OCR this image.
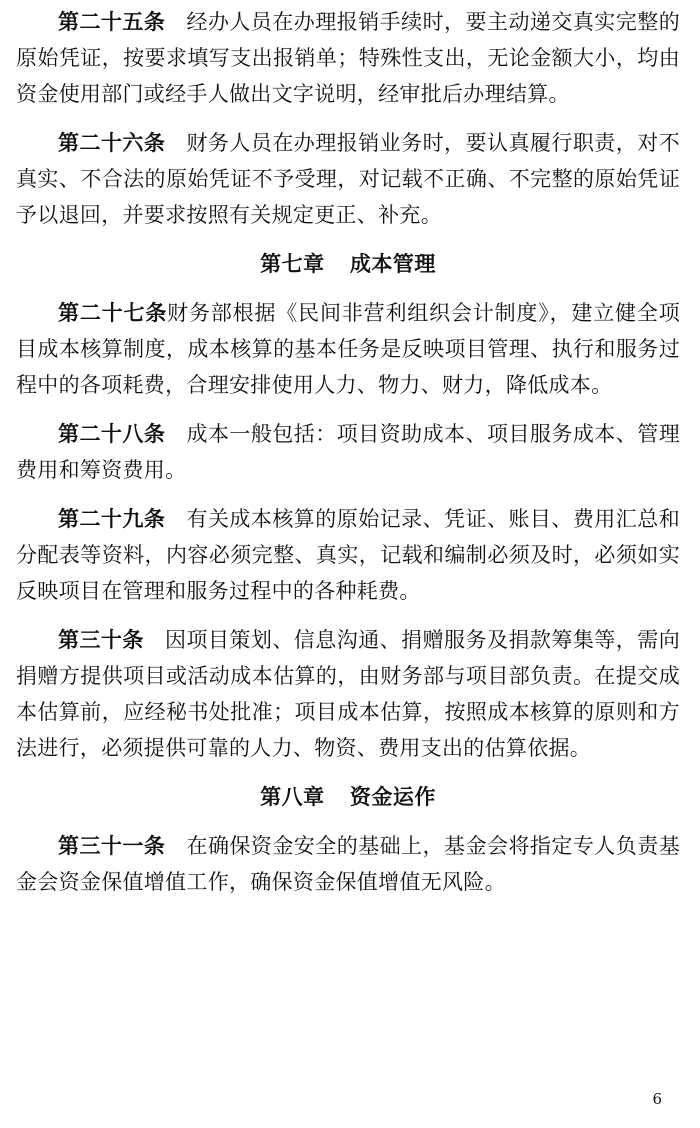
第二十五条 经办人员在办理报销手续时，要主动递交真实完整的原始凭证，按要求填写支出报销单；特殊性支出，无论金额大小，均由资金使用部门或经手人做出文字说明，经审批后办理结算。

第二十六条 财务人员在办理报销业务时，要认真履行职责，对不真实、不合法的原始凭证不予受理，对记载不正确、不完整的原始凭证予以退回，并要求按照有关规定更正、补充。

第七章 成本管理

第二十七条财务部根据《民间非营利组织会计制度》，建立健全项目成本核算制度，成本核算的基本任务是反映项目管理、执行和服务过程中的各项耗费，合理安排使用人力、物力、财力，降低成本。

第二十八条 成本一般包括：项目资助成本、项目服务成本、管理费用和筹资费用。

第二十九条 有关成本核算的原始记录、凭证、账目、费用汇总和分配表等资料，内容必须完整、真实，记载和编制必须及时，必须如实反映项目在管理和服务过程中的各种耗费。

第三十条 因项目策划、信息沟通、捐赠服务及捐款筹集等，需向捐赠方提供项目或活动成本估算的，由财务部与项目部负责。在提交成本估算前，应经秘书处批准；项目成本估算，按照成本核算的原则和方法进行，必须提供可靠的人力、物资、费用支出的估算依据。

第八章 资金运作

第三十一条 在确保资金安全的基础上，基金会将指定专人负责基金会资金保值增值工作，确保资金保值增值无风险。

6
